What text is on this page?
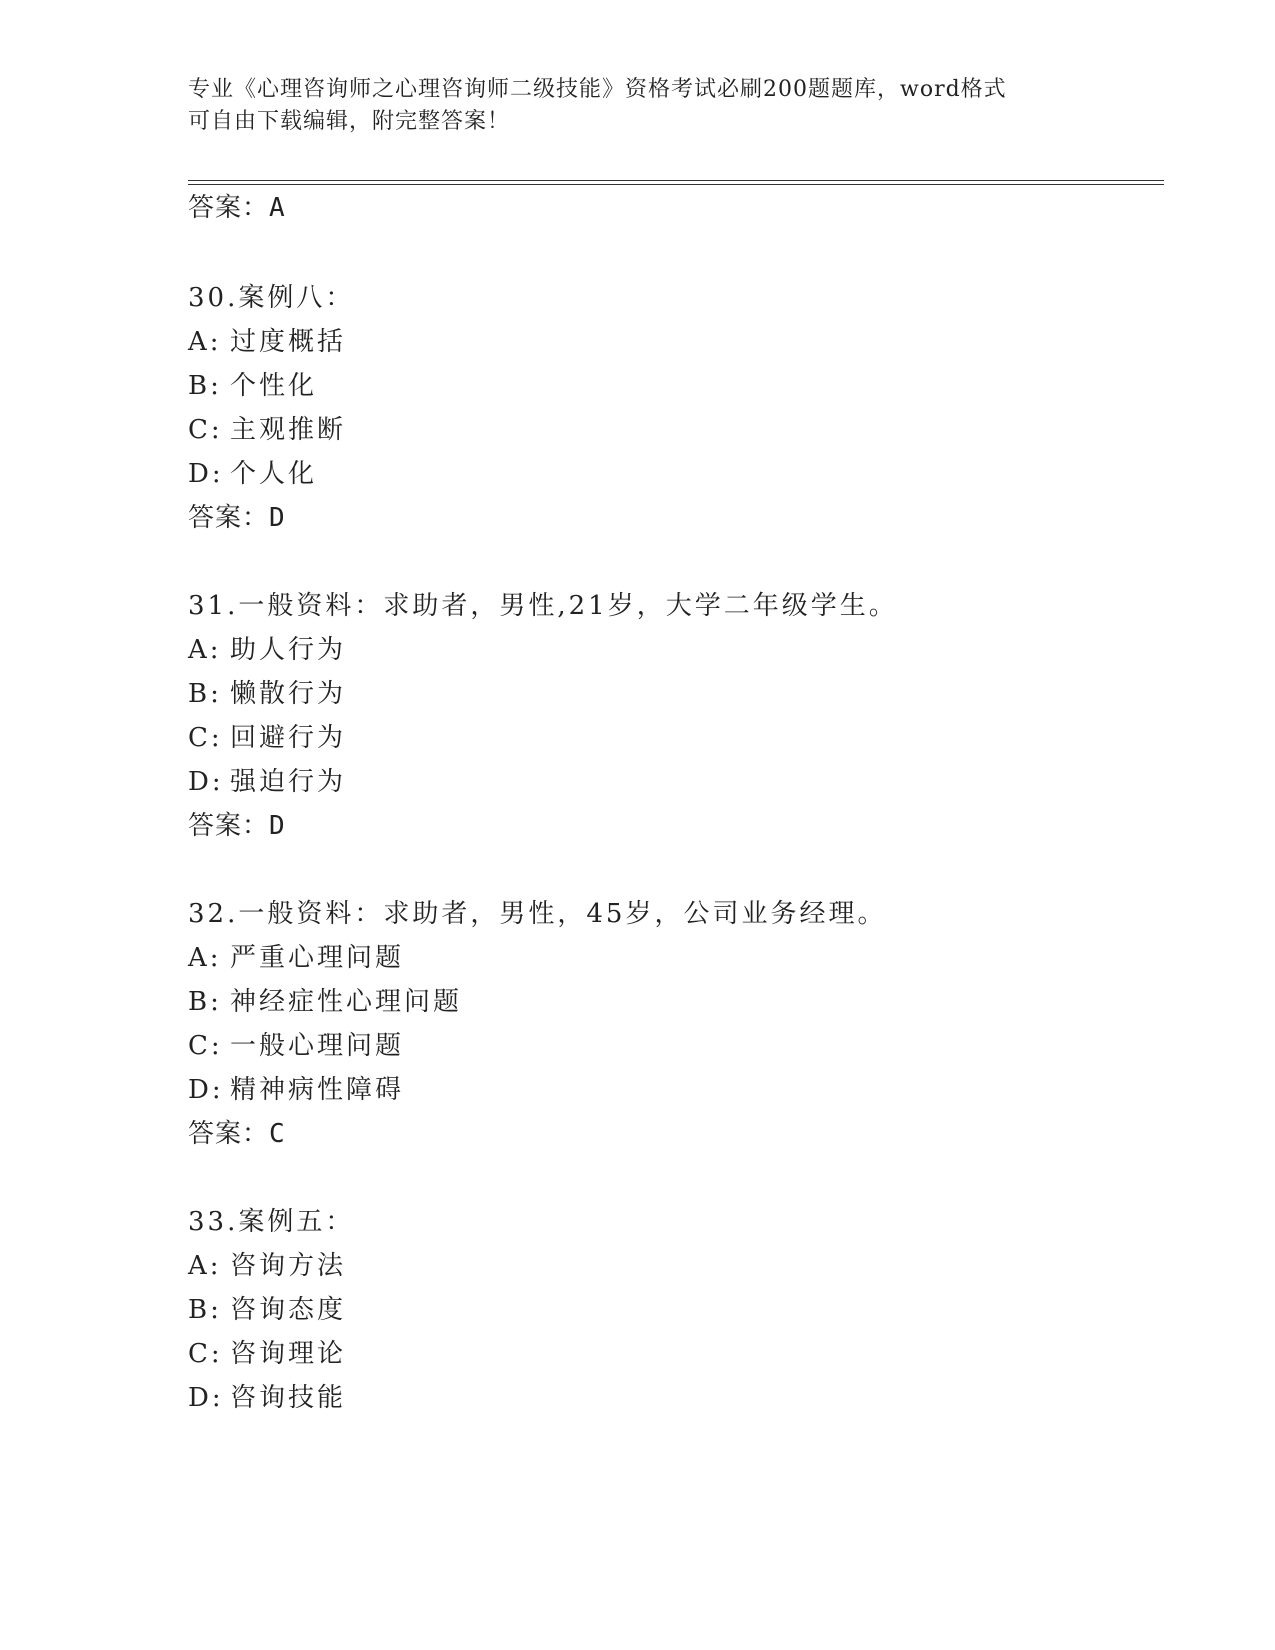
专业《心理咨询师之心理咨询师二级技能》资格考试必刷200题题库，word格式
可自由下载编辑，附完整答案！
答案：A
30.案例八：
A: 过度概括
B: 个性化
C: 主观推断
D: 个人化
答案：D
31.一般资料：求助者，男性,21岁，大学二年级学生。
A: 助人行为
B: 懒散行为
C: 回避行为
D: 强迫行为
答案：D
32.一般资料：求助者，男性，45岁，公司业务经理。
A: 严重心理问题
B: 神经症性心理问题
C: 一般心理问题
D: 精神病性障碍
答案：C
33.案例五：
A: 咨询方法
B: 咨询态度
C: 咨询理论
D: 咨询技能
